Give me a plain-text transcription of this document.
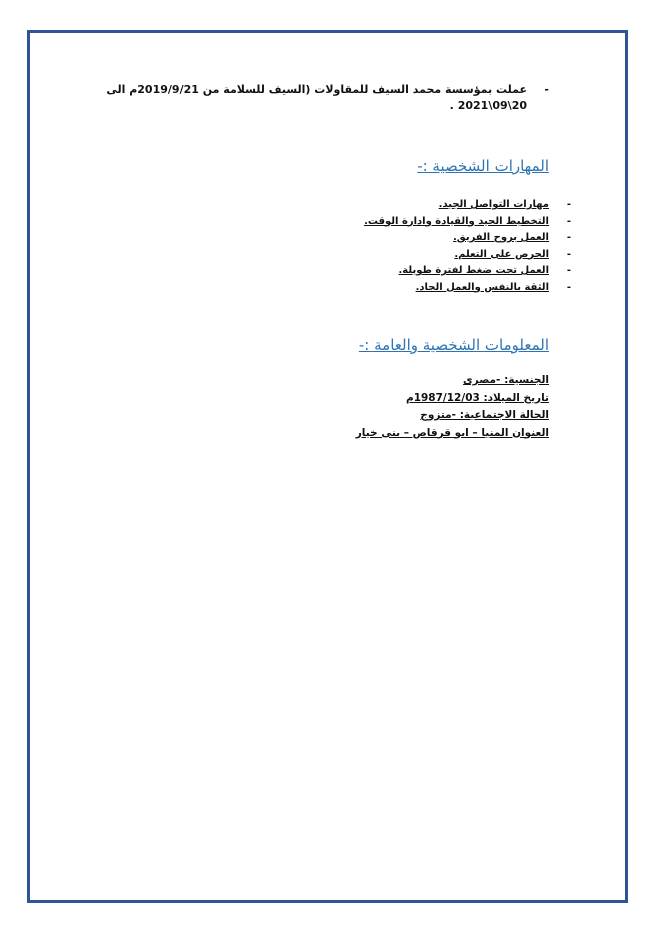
-
عملت بمؤسسة محمد السيف للمقاولات (السيف للسلامة من 2019/9/21م الى 20\09\2021 .

المهارات الشخصية :-
-
مهارات التواصل الجيد.
-
التخطيط الجيد والقيادة وادارة الوقت.
-
العمل بروح الفريق.
-
الحرص على التعلم.
-
العمل تحت ضغط لفترة طويلة.
-
الثقة بالنفس والعمل الجاد.
المعلومات الشخصية والعامة :-

الجنسية: -مصرى

تاريخ الميلاد: 1987/12/03م

الحالة الاجتماعية: -متزوج

العنوان المنيا – ابو قرقاص – بنى خيار
